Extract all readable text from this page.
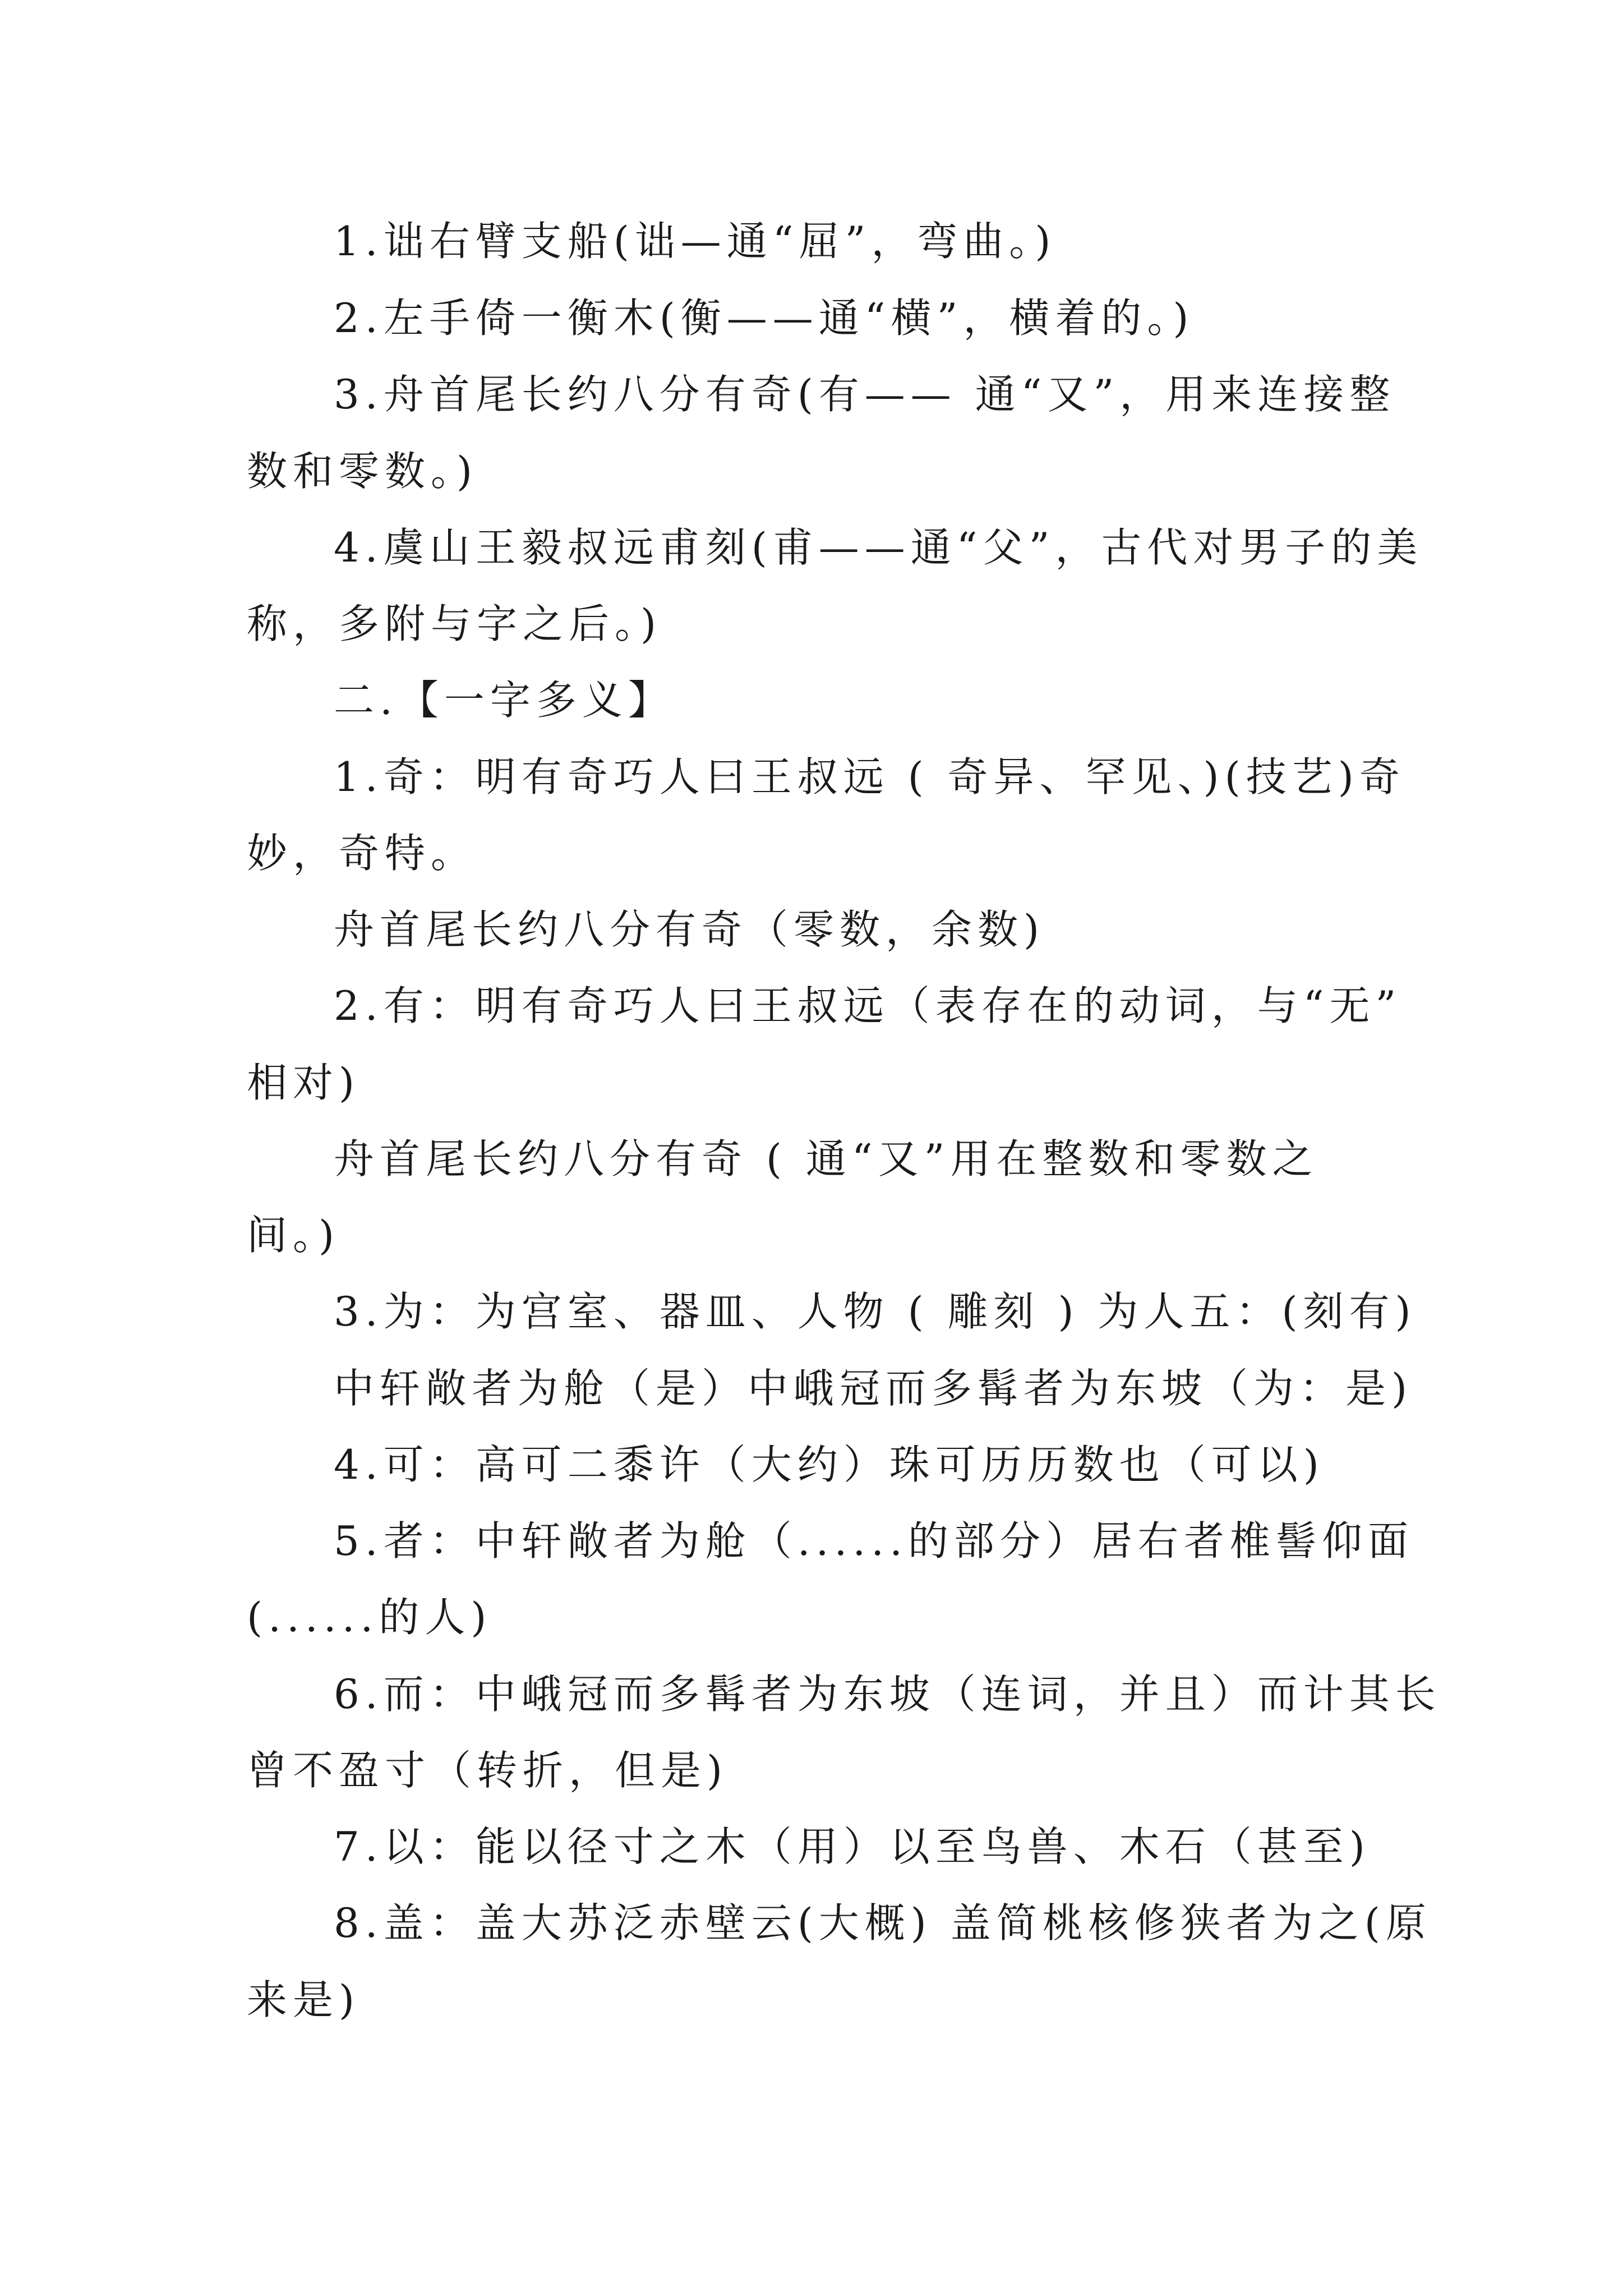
1.诎右臂支船(诎—通“屈”，弯曲。)
2.左手倚一衡木(衡——通“横”，横着的。)
3.舟首尾长约八分有奇(有—— 通“又”，用来连接整
数和零数。)
4.虞山王毅叔远甫刻(甫——通“父”，古代对男子的美
称，多附与字之后。)
二.【一字多义】
1.奇：明有奇巧人曰王叔远 ( 奇异、罕见、)(技艺)奇
妙，奇特。
舟首尾长约八分有奇（零数，余数)
2.有：明有奇巧人曰王叔远（表存在的动词，与“无”
相对)
舟首尾长约八分有奇 ( 通“又”用在整数和零数之
间。)
3.为：为宫室、器皿、人物 ( 雕刻 ) 为人五：(刻有)
中轩敞者为舱（是）中峨冠而多髯者为东坡（为：是)
4.可：高可二黍许（大约）珠可历历数也（可以)
5.者：中轩敞者为舱（......的部分）居右者椎髻仰面
(......的人)
6.而：中峨冠而多髯者为东坡（连词，并且）而计其长
曾不盈寸（转折，但是)
7.以：能以径寸之木（用）以至鸟兽、木石（甚至)
8.盖：盖大苏泛赤壁云(大概) 盖简桃核修狭者为之(原
来是)
